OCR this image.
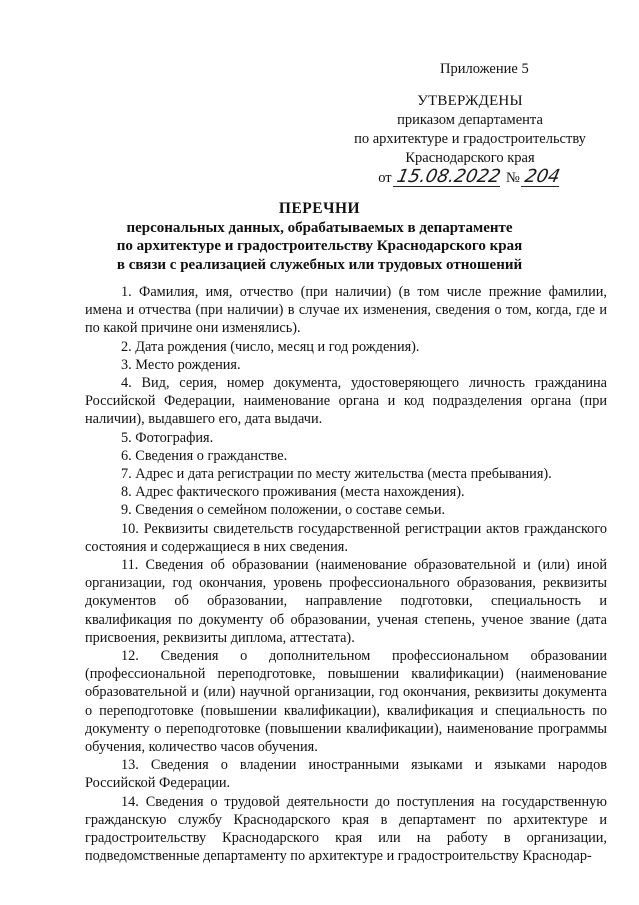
Приложение 5
УТВЕРЖДЕНЫ
приказом департамента
по архитектуре и градостроительству
Краснодарского края
от 15.08.2022 № 204
ПЕРЕЧНИ
персональных данных, обрабатываемых в департаменте
по архитектуре и градостроительству Краснодарского края
в связи с реализацией служебных или трудовых отношений

1. Фамилия, имя, отчество (при наличии) (в том числе прежние фамилии, имена и отчества (при наличии) в случае их изменения, сведения о том, когда, где и по какой причине они изменялись).

2. Дата рождения (число, месяц и год рождения).

3. Место рождения.

4. Вид, серия, номер документа, удостоверяющего личность гражданина Российской Федерации, наименование органа и код подразделения органа (при наличии), выдавшего его, дата выдачи.

5. Фотография.

6. Сведения о гражданстве.

7. Адрес и дата регистрации по месту жительства (места пребывания).

8. Адрес фактического проживания (места нахождения).

9. Сведения о семейном положении, о составе семьи.

10. Реквизиты свидетельств государственной регистрации актов гражданского состояния и содержащиеся в них сведения.

11. Сведения об образовании (наименование образовательной и (или) иной организации, год окончания, уровень профессионального образования, реквизиты документов об образовании, направление подготовки, специальность и квалификация по документу об образовании, ученая степень, ученое звание (дата присвоения, реквизиты диплома, аттестата).

12. Сведения о дополнительном профессиональном образовании (профессиональной переподготовке, повышении квалификации) (наименование образовательной и (или) научной организации, год окончания, реквизиты документа о переподготовке (повышении квалификации), квалификация и специальность по документу о переподготовке (повышении квалификации), наименование программы обучения, количество часов обучения.

13. Сведения о владении иностранными языками и языками народов Российской Федерации.

14. Сведения о трудовой деятельности до поступления на государственную гражданскую службу Краснодарского края в департамент по архитектуре и градостроительству Краснодарского края или на работу в организации, подведомственные департаменту по архитектуре и градостроительству Краснодар-
